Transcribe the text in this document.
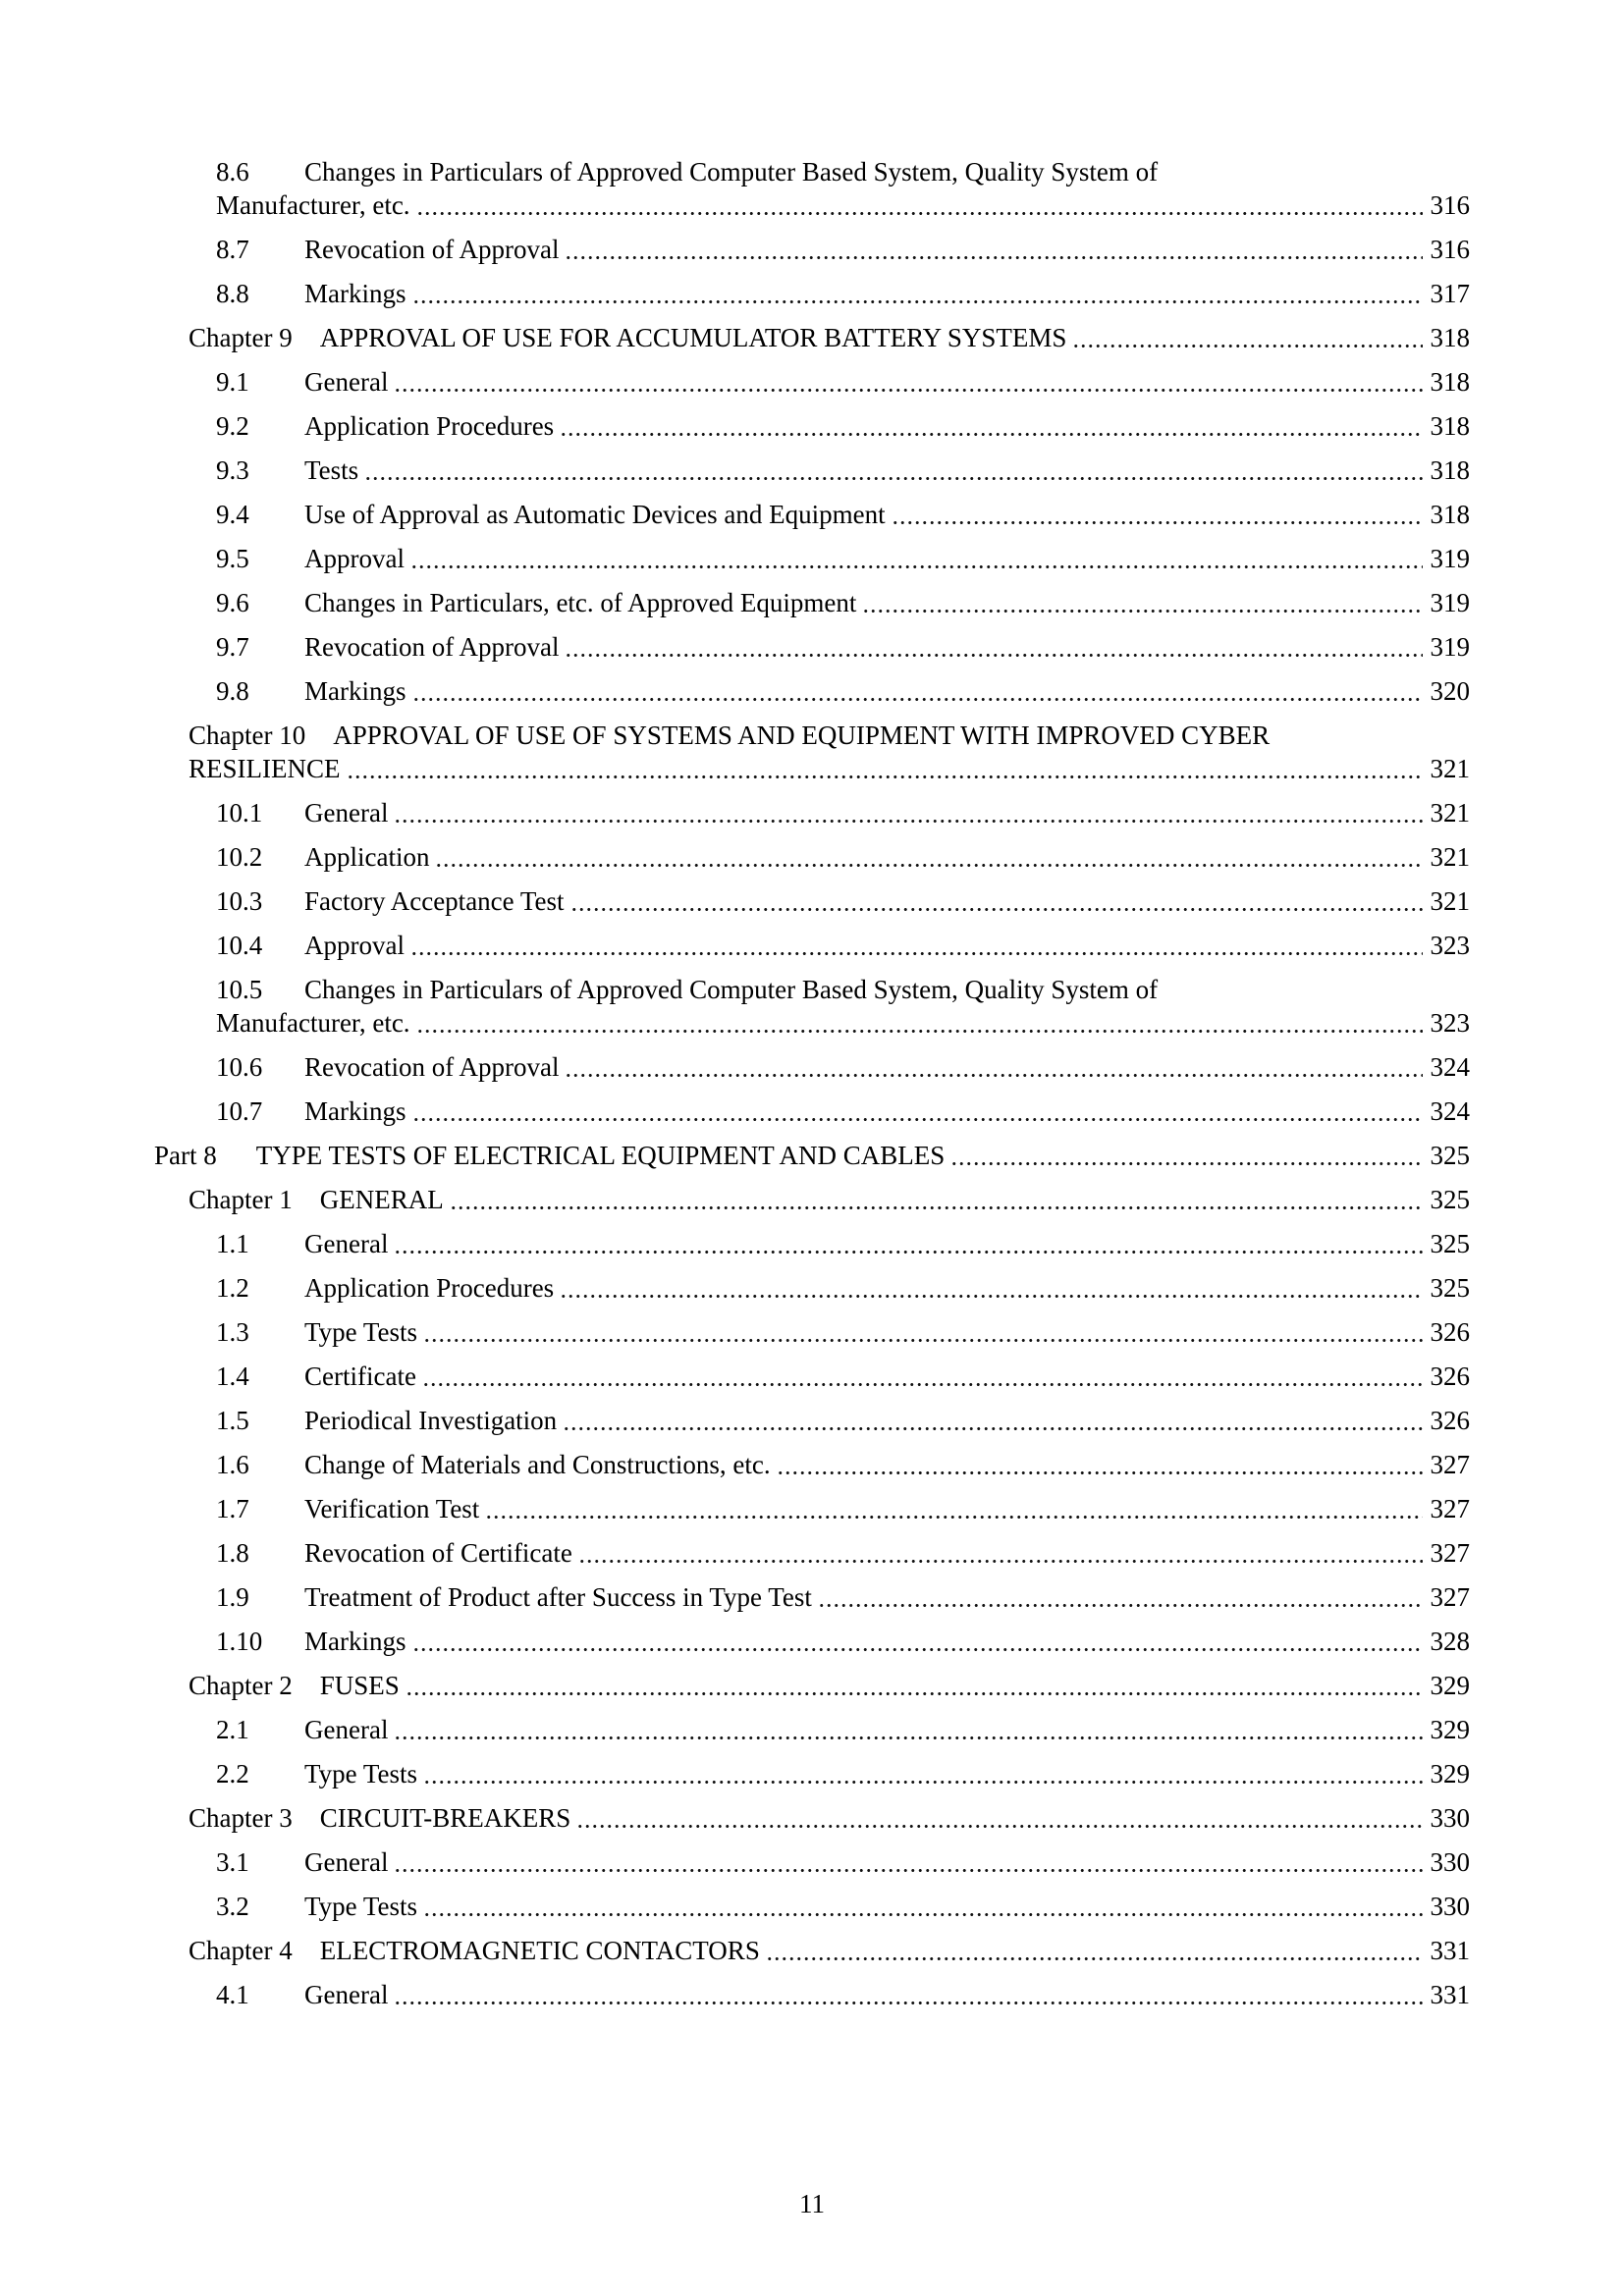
8.6 Changes in Particulars of Approved Computer Based System, Quality System of
Manufacturer, etc.	316
8.7	Revocation of Approval	316
8.8	Markings	317
Chapter 9 APPROVAL OF USE FOR ACCUMULATOR BATTERY SYSTEMS	318
9.1	General	318
9.2	Application Procedures	318
9.3	Tests	318
9.4	Use of Approval as Automatic Devices and Equipment	318
9.5	Approval	319
9.6	Changes in Particulars, etc. of Approved Equipment	319
9.7	Revocation of Approval	319
9.8	Markings	320
Chapter 10 APPROVAL OF USE OF SYSTEMS AND EQUIPMENT WITH IMPROVED CYBER
RESILIENCE	321
10.1	General	321
10.2	Application	321
10.3	Factory Acceptance Test	321
10.4	Approval	323
10.5 Changes in Particulars of Approved Computer Based System, Quality System of
Manufacturer, etc.	323
10.6	Revocation of Approval	324
10.7	Markings	324
Part 8 TYPE TESTS OF ELECTRICAL EQUIPMENT AND CABLES	325
Chapter 1 GENERAL	325
1.1	General	325
1.2	Application Procedures	325
1.3	Type Tests	326
1.4	Certificate	326
1.5	Periodical Investigation	326
1.6	Change of Materials and Constructions, etc.	327
1.7	Verification Test	327
1.8	Revocation of Certificate	327
1.9	Treatment of Product after Success in Type Test	327
1.10	Markings	328
Chapter 2 FUSES	329
2.1	General	329
2.2	Type Tests	329
Chapter 3 CIRCUIT-BREAKERS	330
3.1	General	330
3.2	Type Tests	330
Chapter 4 ELECTROMAGNETIC CONTACTORS	331
4.1	General	331
11
